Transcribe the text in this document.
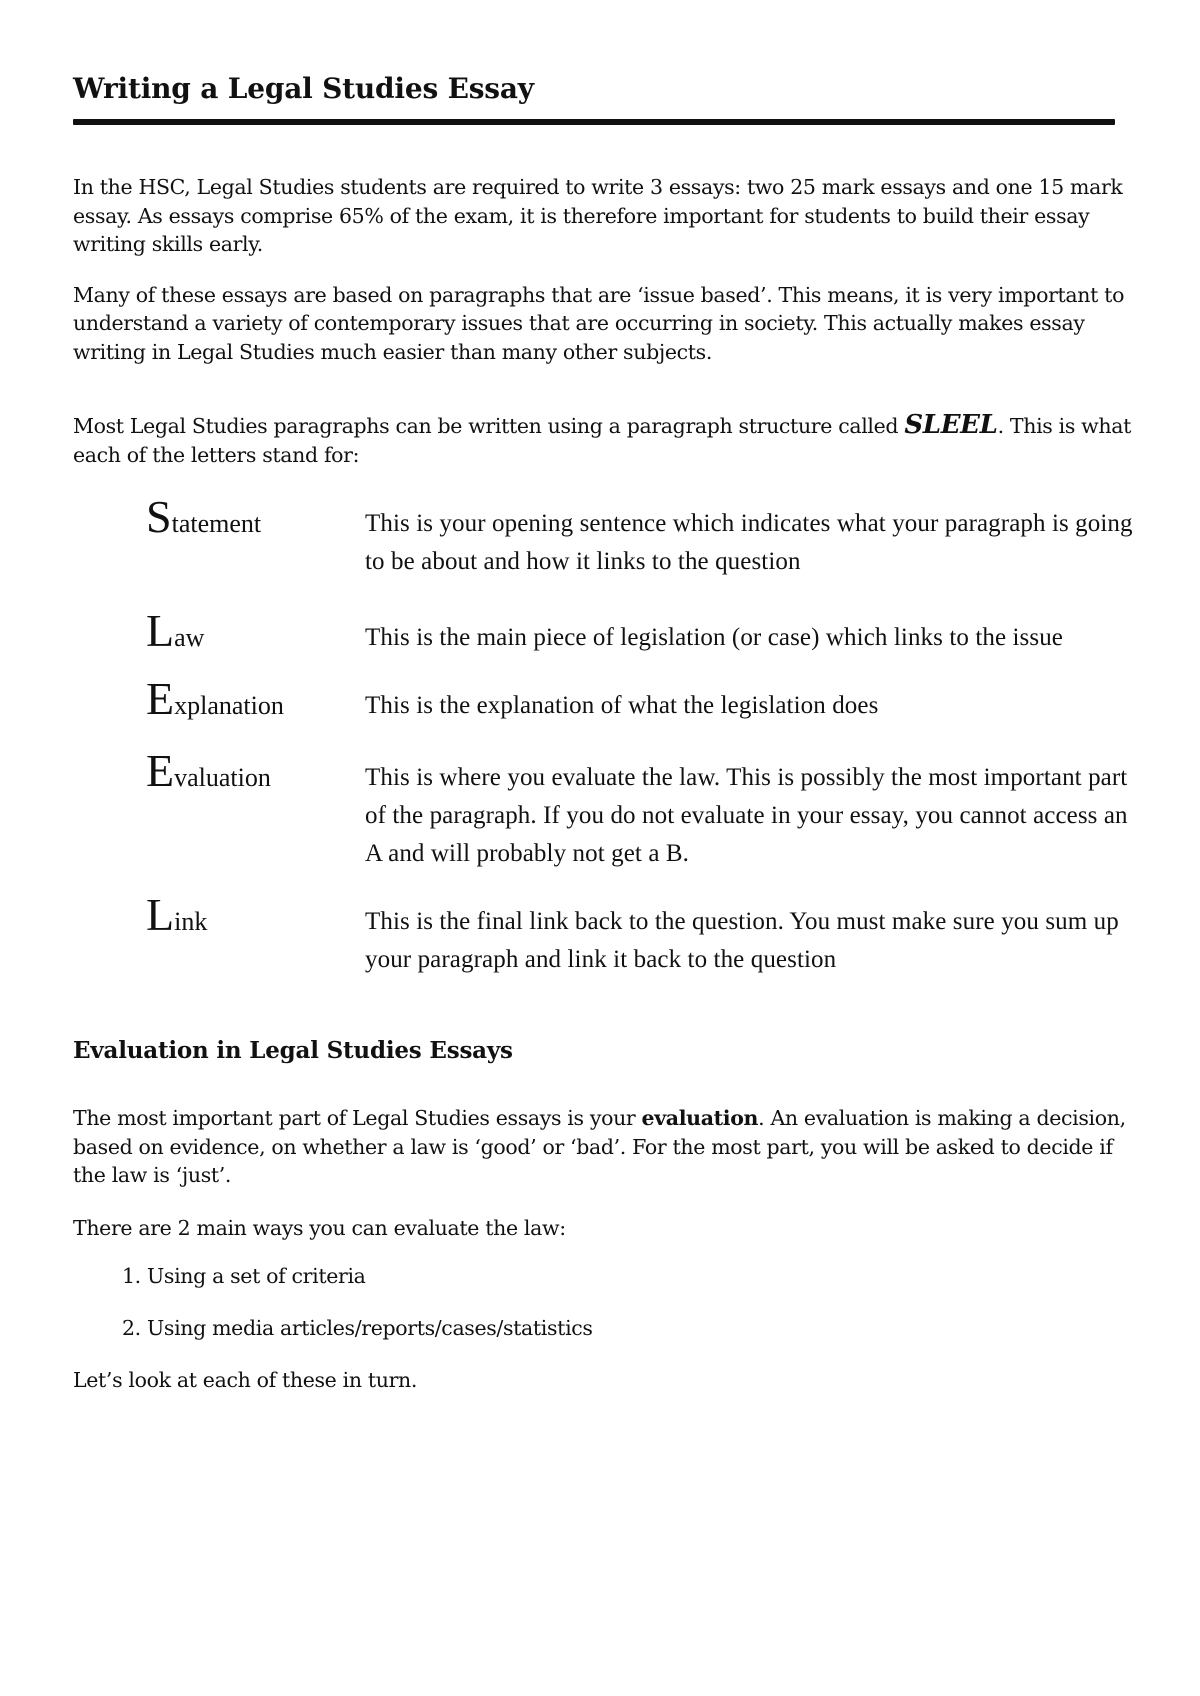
Writing a Legal Studies Essay

In the HSC, Legal Studies students are required to write 3 essays: two 25 mark essays and one 15 mark essay. As essays comprise 65% of the exam, it is therefore important for students to build their essay writing skills early.

Many of these essays are based on paragraphs that are ‘issue based’. This means, it is very important to understand a variety of contemporary issues that are occurring in society. This actually makes essay writing in Legal Studies much easier than many other subjects.

Most Legal Studies paragraphs can be written using a paragraph structure called SLEEL. This is what each of the letters stand for:

Statement	This is your opening sentence which indicates what your paragraph is going to be about and how it links to the question
Law	This is the main piece of legislation (or case) which links to the issue
Explanation	This is the explanation of what the legislation does
Evaluation	This is where you evaluate the law. This is possibly the most important part of the paragraph. If you do not evaluate in your essay, you cannot access an A and will probably not get a B.
Link	This is the final link back to the question. You must make sure you sum up your paragraph and link it back to the question
Evaluation in Legal Studies Essays

The most important part of Legal Studies essays is your evaluation. An evaluation is making a decision, based on evidence, on whether a law is ‘good’ or ‘bad’. For the most part, you will be asked to decide if the law is ‘just’.

There are 2 main ways you can evaluate the law:

1. Using a set of criteria
2. Using media articles/reports/cases/statistics

Let’s look at each of these in turn.
